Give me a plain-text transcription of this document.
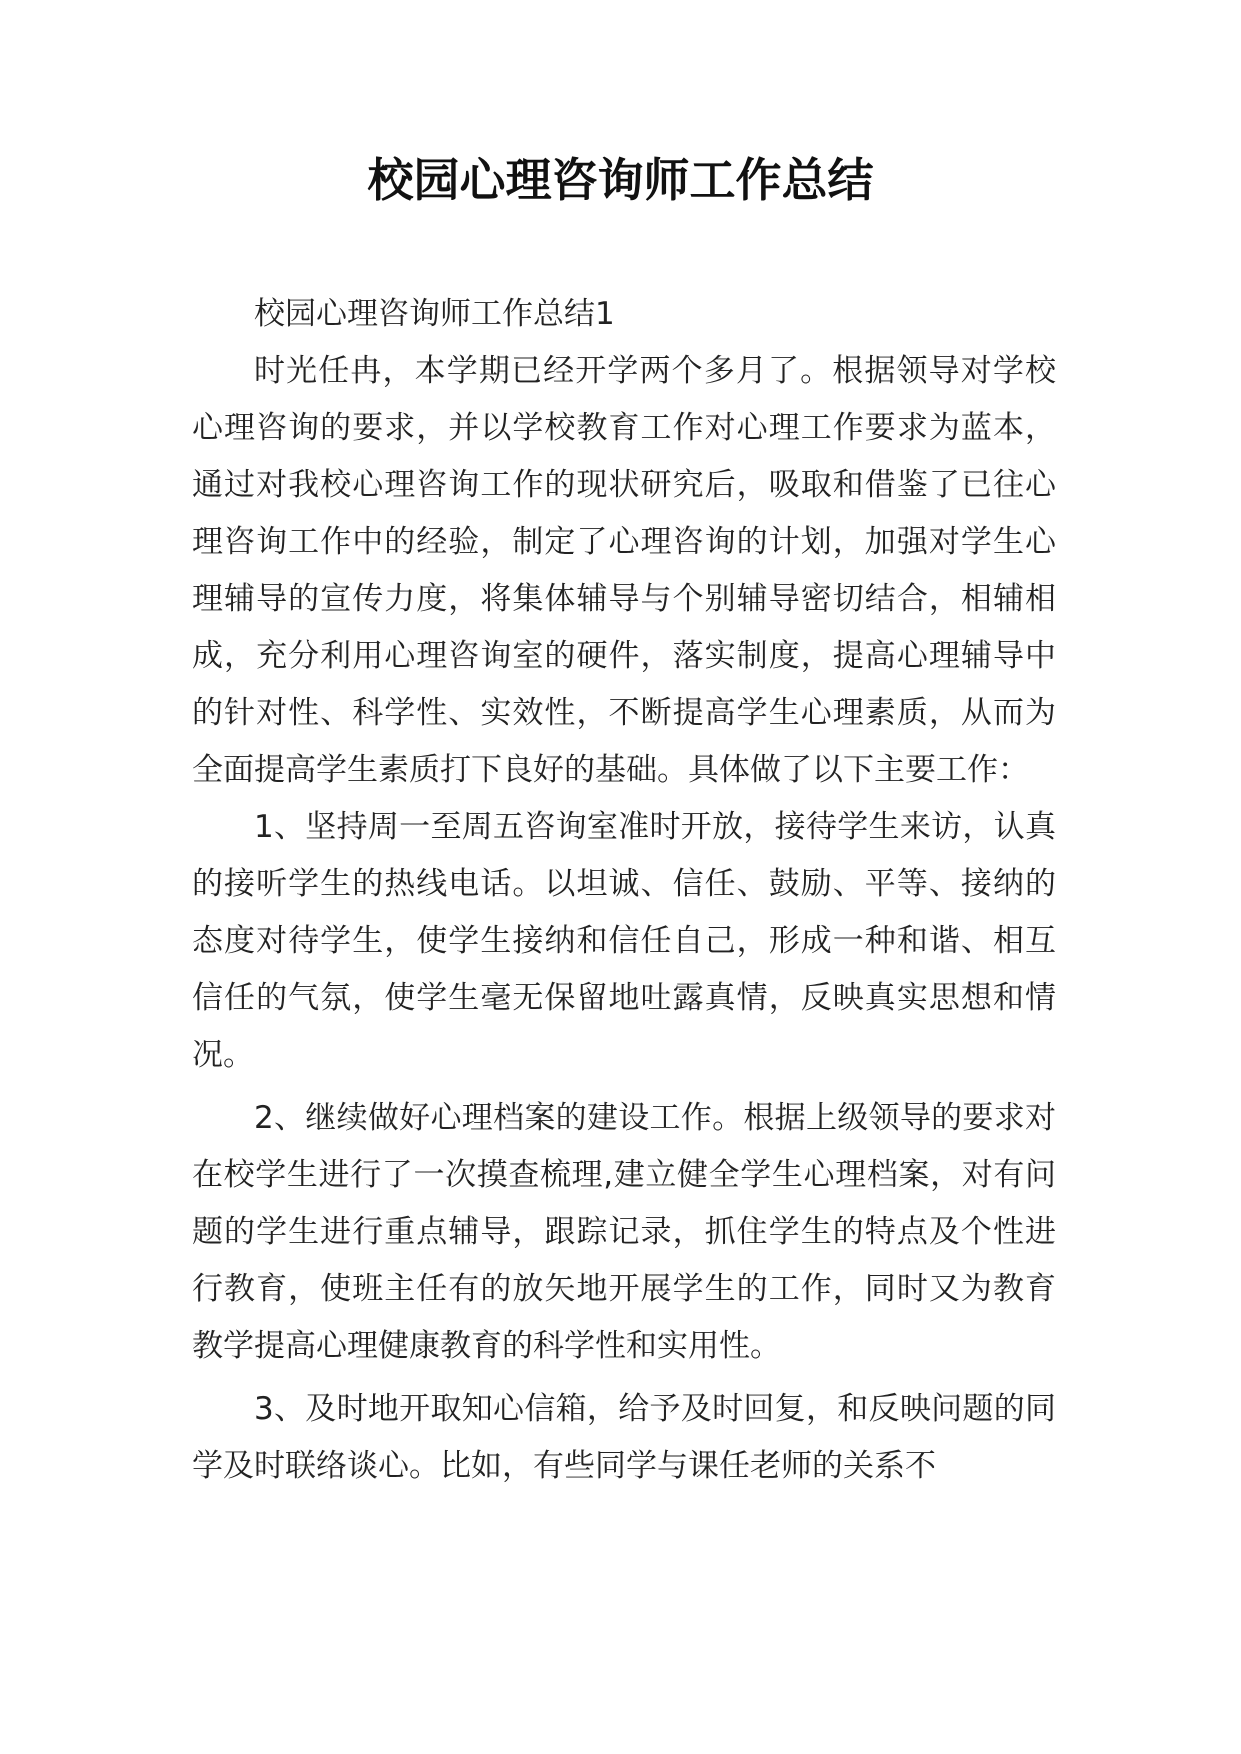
校园心理咨询师工作总结

校园心理咨询师工作总结1

时光任冉，本学期已经开学两个多月了。根据领导对学校心理咨询的要求，并以学校教育工作对心理工作要求为蓝本，通过对我校心理咨询工作的现状研究后，吸取和借鉴了已往心理咨询工作中的经验，制定了心理咨询的计划，加强对学生心理辅导的宣传力度，将集体辅导与个别辅导密切结合，相辅相成，充分利用心理咨询室的硬件，落实制度，提高心理辅导中的针对性、科学性、实效性，不断提高学生心理素质，从而为全面提高学生素质打下良好的基础。具体做了以下主要工作：

1、坚持周一至周五咨询室准时开放，接待学生来访，认真的接听学生的热线电话。以坦诚、信任、鼓励、平等、接纳的态度对待学生，使学生接纳和信任自己，形成一种和谐、相互信任的气氛，使学生毫无保留地吐露真情，反映真实思想和情况。

2、继续做好心理档案的建设工作。根据上级领导的要求对在校学生进行了一次摸查梳理,建立健全学生心理档案，对有问题的学生进行重点辅导，跟踪记录，抓住学生的特点及个性进行教育，使班主任有的放矢地开展学生的工作，同时又为教育教学提高心理健康教育的科学性和实用性。

3、及时地开取知心信箱，给予及时回复，和反映问题的同学及时联络谈心。比如，有些同学与课任老师的关系不
